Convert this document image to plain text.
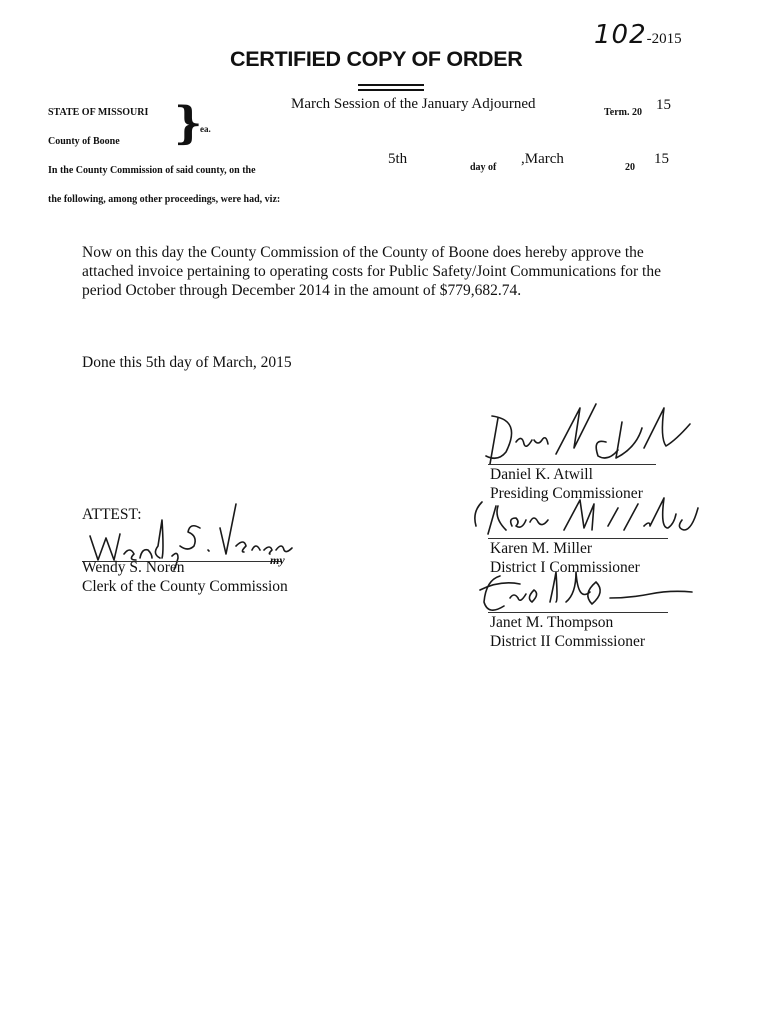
102-2015
CERTIFIED COPY OF ORDER
STATE OF MISSOURI
County of Boone }
ea.
March Session of the January Adjourned
Term. 20 15
In the County Commission of said county, on the
5th
day of
,March
20
15
the following, among other proceedings, were had, viz:
Now on this day the County Commission of the County of Boone does hereby approve the
attached invoice pertaining to operating costs for Public Safety/Joint Communications for the
period October through December 2014 in the amount of $779,682.74.
Done this 5th day of March, 2015
ATTEST:
Wendy S. Noren	my
Clerk of the County Commission
Daniel K. Atwill
Presiding Commissioner
Karen M. Miller
District I Commissioner
Janet M. Thompson
District II Commissioner
